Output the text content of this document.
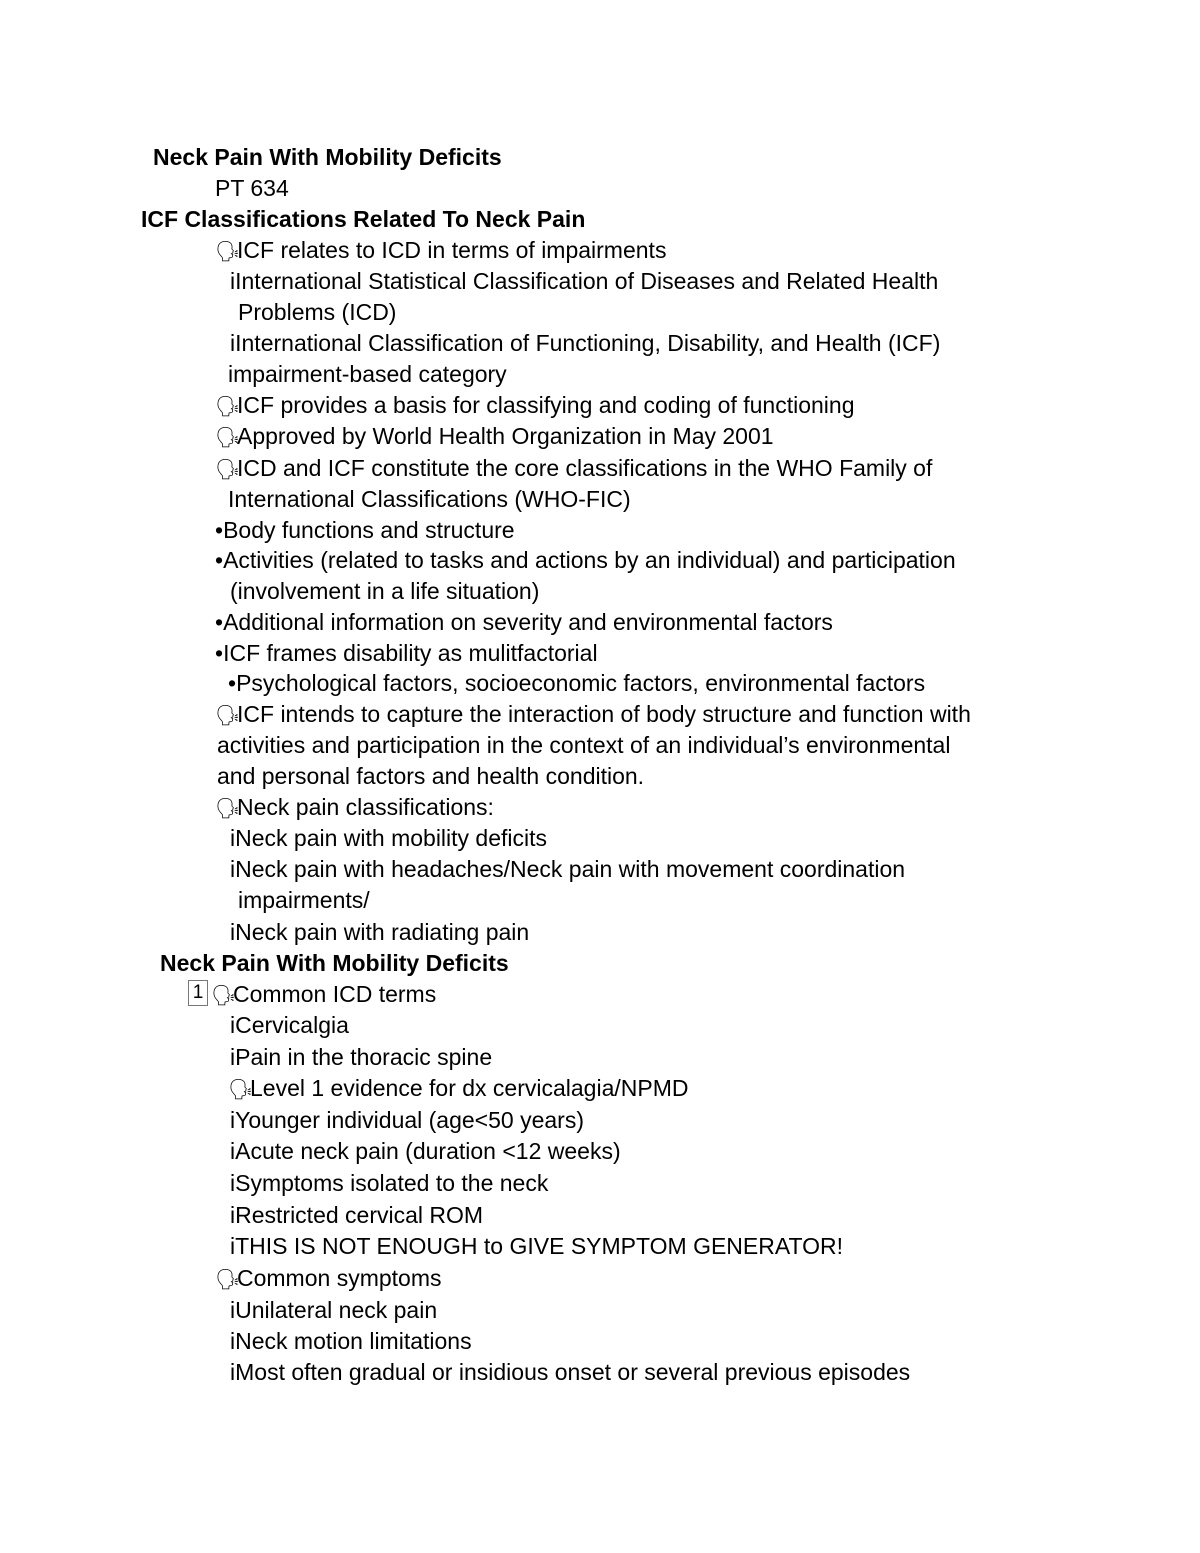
Neck Pain With Mobility Deficits
PT 634
ICF Classifications Related To Neck Pain
🗣ICF relates to ICD in terms of impairments
iInternational Statistical Classification of Diseases and Related Health
Problems (ICD)
iInternational Classification of Functioning, Disability, and Health (ICF)
impairment-based category
🗣ICF provides a basis for classifying and coding of functioning
🗣Approved by World Health Organization in May 2001
🗣ICD and ICF constitute the core classifications in the WHO Family of
International Classifications (WHO-FIC)
•Body functions and structure
•Activities (related to tasks and actions by an individual) and participation
(involvement in a life situation)
•Additional information on severity and environmental factors
•ICF frames disability as mulitfactorial
•Psychological factors, socioeconomic factors, environmental factors
🗣ICF intends to capture the interaction of body structure and function with
activities and participation in the context of an individual’s environmental
and personal factors and health condition.
🗣Neck pain classifications:
iNeck pain with mobility deficits
iNeck pain with headaches/Neck pain with movement coordination
impairments/
iNeck pain with radiating pain
Neck Pain With Mobility Deficits
1 🗣Common ICD terms
iCervicalgia
iPain in the thoracic spine
🗣Level 1 evidence for dx cervicalagia/NPMD
iYounger individual (age<50 years)
iAcute neck pain (duration <12 weeks)
iSymptoms isolated to the neck
iRestricted cervical ROM
iTHIS IS NOT ENOUGH to GIVE SYMPTOM GENERATOR!
🗣Common symptoms
iUnilateral neck pain
iNeck motion limitations
iMost often gradual or insidious onset or several previous episodes
